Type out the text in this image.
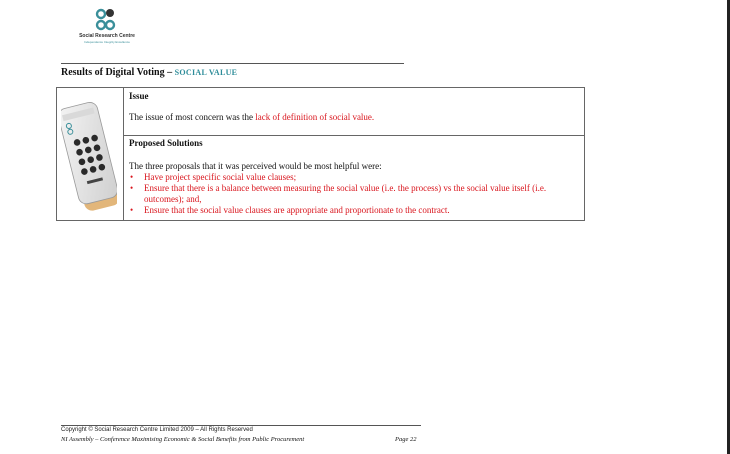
Social Research Centre
Independence Integrity Excellence
Results of Digital Voting – SOCIAL VALUE
Issue
The issue of most concern was the lack of definition of social value.
Proposed Solutions
The three proposals that it was perceived would be most helpful were:
• Have project specific social value clauses;
• Ensure that there is a balance between measuring the social value (i.e. the process) vs the social value itself (i.e. outcomes); and,
• Ensure that the social value clauses are appropriate and proportionate to the contract.
Copyright © Social Research Centre Limited 2009 – All Rights Reserved
NI Assembly – Conference Maximising Economic & Social Benefits from Public Procurement	Page 22
